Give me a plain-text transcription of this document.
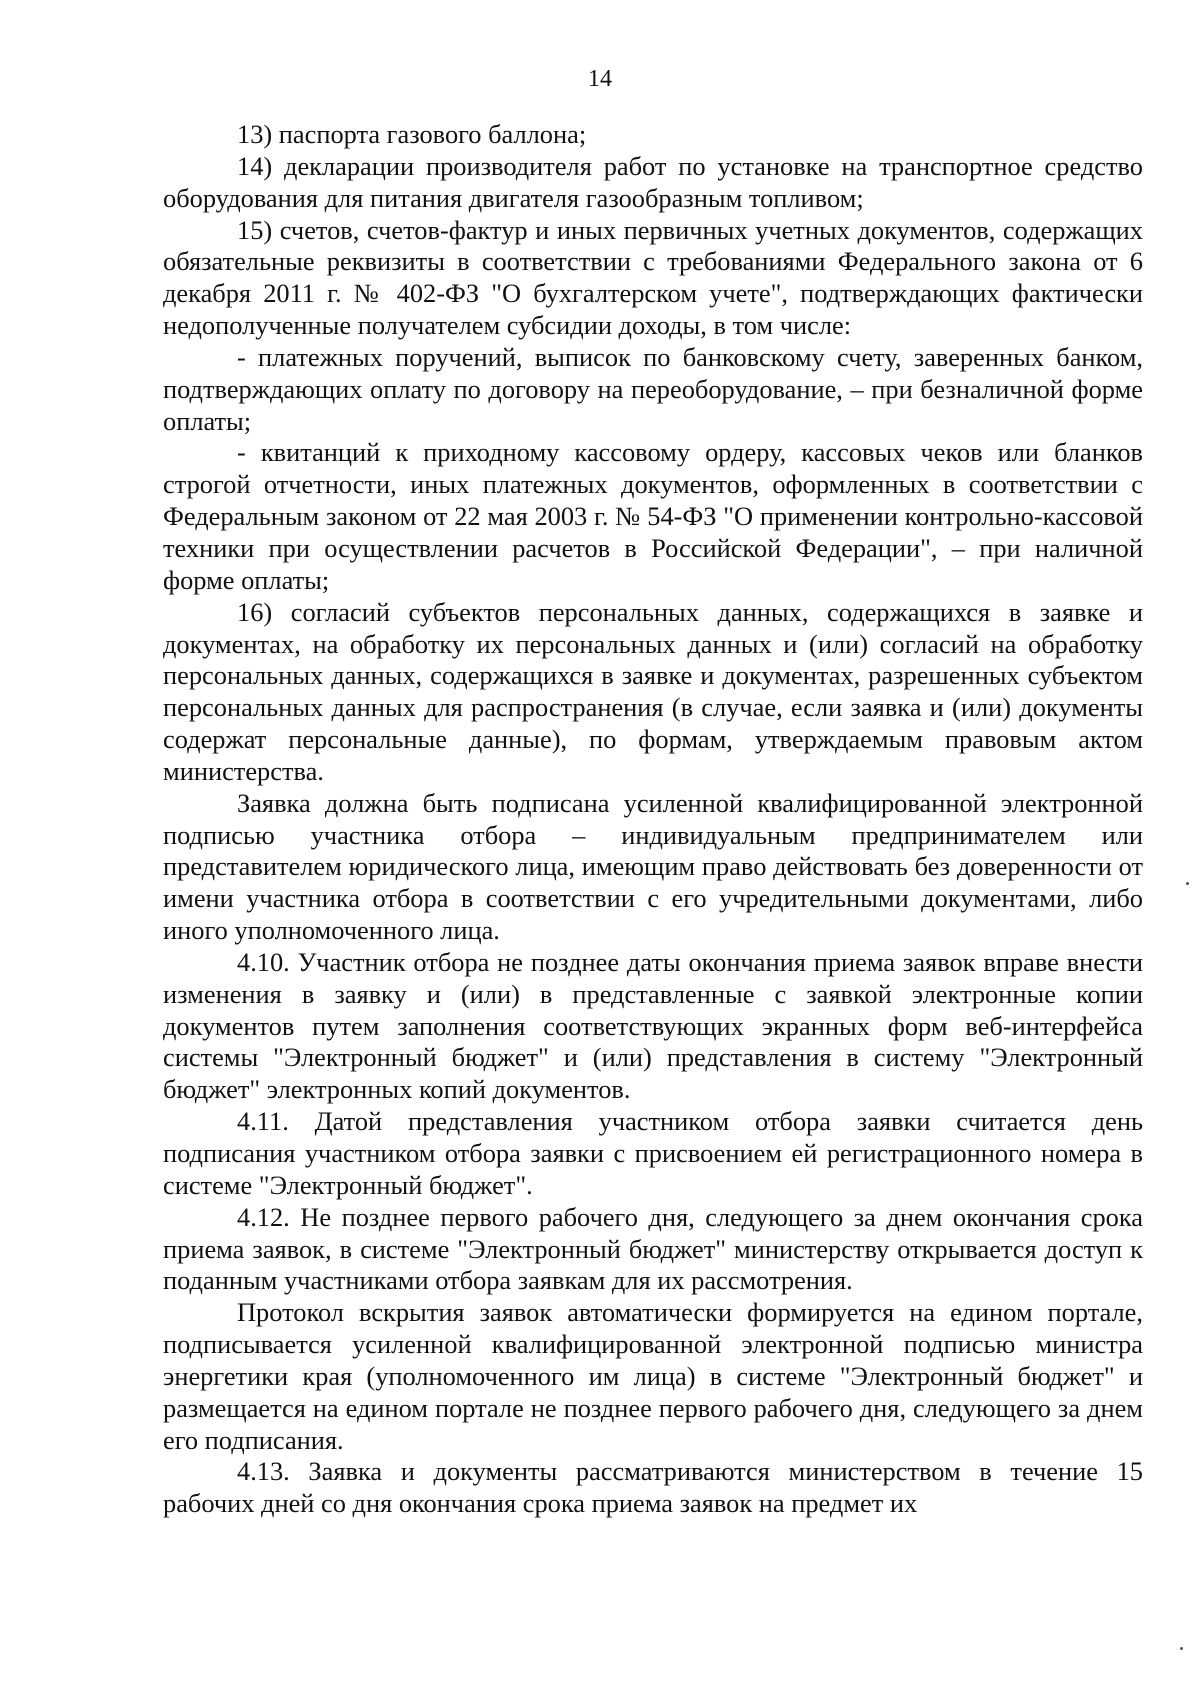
14

13) паспорта газового баллона;

14) декларации производителя работ по установке на транспортное средство оборудования для питания двигателя газообразным топливом;

15) счетов, счетов-фактур и иных первичных учетных документов, содержащих обязательные реквизиты в соответствии с требованиями Федерального закона от 6 декабря 2011 г. № 402-ФЗ "О бухгалтерском учете", подтверждающих фактически недополученные получателем субсидии доходы, в том числе:

- платежных поручений, выписок по банковскому счету, заверенных банком, подтверждающих оплату по договору на переоборудование, – при безналичной форме оплаты;

- квитанций к приходному кассовому ордеру, кассовых чеков или бланков строгой отчетности, иных платежных документов, оформленных в соответствии с Федеральным законом от 22 мая 2003 г. № 54-ФЗ "О применении контрольно-кассовой техники при осуществлении расчетов в Российской Федерации", – при наличной форме оплаты;

16) согласий субъектов персональных данных, содержащихся в заявке и документах, на обработку их персональных данных и (или) согласий на обработку персональных данных, содержащихся в заявке и документах, разрешенных субъектом персональных данных для распространения (в случае, если заявка и (или) документы содержат персональные данные), по формам, утверждаемым правовым актом министерства.

Заявка должна быть подписана усиленной квалифицированной электронной подписью участника отбора – индивидуальным предпринимателем или представителем юридического лица, имеющим право действовать без доверенности от имени участника отбора в соответствии с его учредительными документами, либо иного уполномоченного лица.

4.10. Участник отбора не позднее даты окончания приема заявок вправе внести изменения в заявку и (или) в представленные с заявкой электронные копии документов путем заполнения соответствующих экранных форм веб-интерфейса системы "Электронный бюджет" и (или) представления в систему "Электронный бюджет" электронных копий документов.

4.11. Датой представления участником отбора заявки считается день подписания участником отбора заявки с присвоением ей регистрационного номера в системе "Электронный бюджет".

4.12. Не позднее первого рабочего дня, следующего за днем окончания срока приема заявок, в системе "Электронный бюджет" министерству открывается доступ к поданным участниками отбора заявкам для их рассмотрения.

Протокол вскрытия заявок автоматически формируется на едином портале, подписывается усиленной квалифицированной электронной подписью министра энергетики края (уполномоченного им лица) в системе "Электронный бюджет" и размещается на едином портале не позднее первого рабочего дня, следующего за днем его подписания.

4.13. Заявка и документы рассматриваются министерством в течение 15 рабочих дней со дня окончания срока приема заявок на предмет их
